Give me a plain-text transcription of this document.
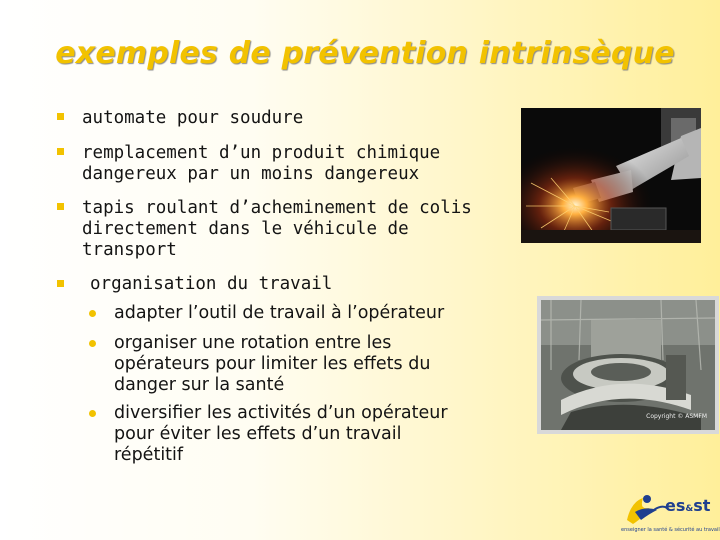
exemples de prévention intrinsèque
automate pour soudure
remplacement d’un produit chimique
dangereux par un moins dangereux
tapis roulant d’acheminement de colis
directement dans le véhicule de
transport
organisation du travail
adapter l’outil de travail à l’opérateur
organiser une rotation entre les
opérateurs pour limiter les effets du
danger sur la santé
diversifier les activités d’un opérateur
pour éviter les effets d’un travail
répétitif
Copyright © ASMFM
es&st
enseigner la santé & sécurité au travail
